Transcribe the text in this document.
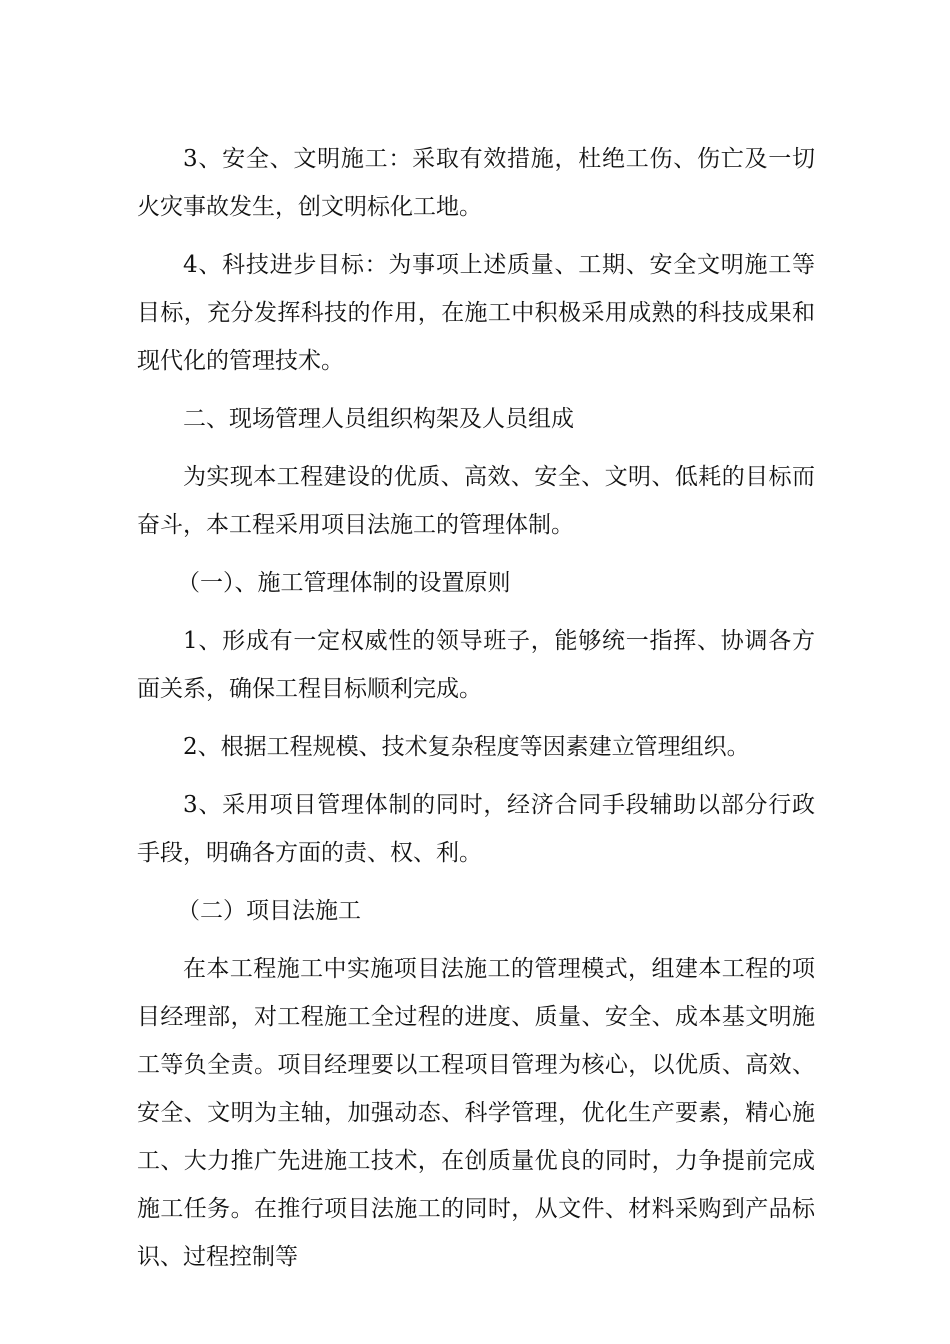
3、安全、文明施工：采取有效措施，杜绝工伤、伤亡及一切火灾事故发生，创文明标化工地。

4、科技进步目标：为事项上述质量、工期、安全文明施工等目标，充分发挥科技的作用，在施工中积极采用成熟的科技成果和现代化的管理技术。

二、现场管理人员组织构架及人员组成

为实现本工程建设的优质、高效、安全、文明、低耗的目标而奋斗，本工程采用项目法施工的管理体制。

（一）、施工管理体制的设置原则

1、形成有一定权威性的领导班子，能够统一指挥、协调各方面关系，确保工程目标顺利完成。

2、根据工程规模、技术复杂程度等因素建立管理组织。

3、采用项目管理体制的同时，经济合同手段辅助以部分行政手段，明确各方面的责、权、利。

（二）项目法施工

在本工程施工中实施项目法施工的管理模式，组建本工程的项目经理部，对工程施工全过程的进度、质量、安全、成本基文明施工等负全责。项目经理要以工程项目管理为核心，以优质、高效、安全、文明为主轴，加强动态、科学管理，优化生产要素，精心施工、大力推广先进施工技术，在创质量优良的同时，力争提前完成施工任务。在推行项目法施工的同时，从文件、材料采购到产品标识、过程控制等
